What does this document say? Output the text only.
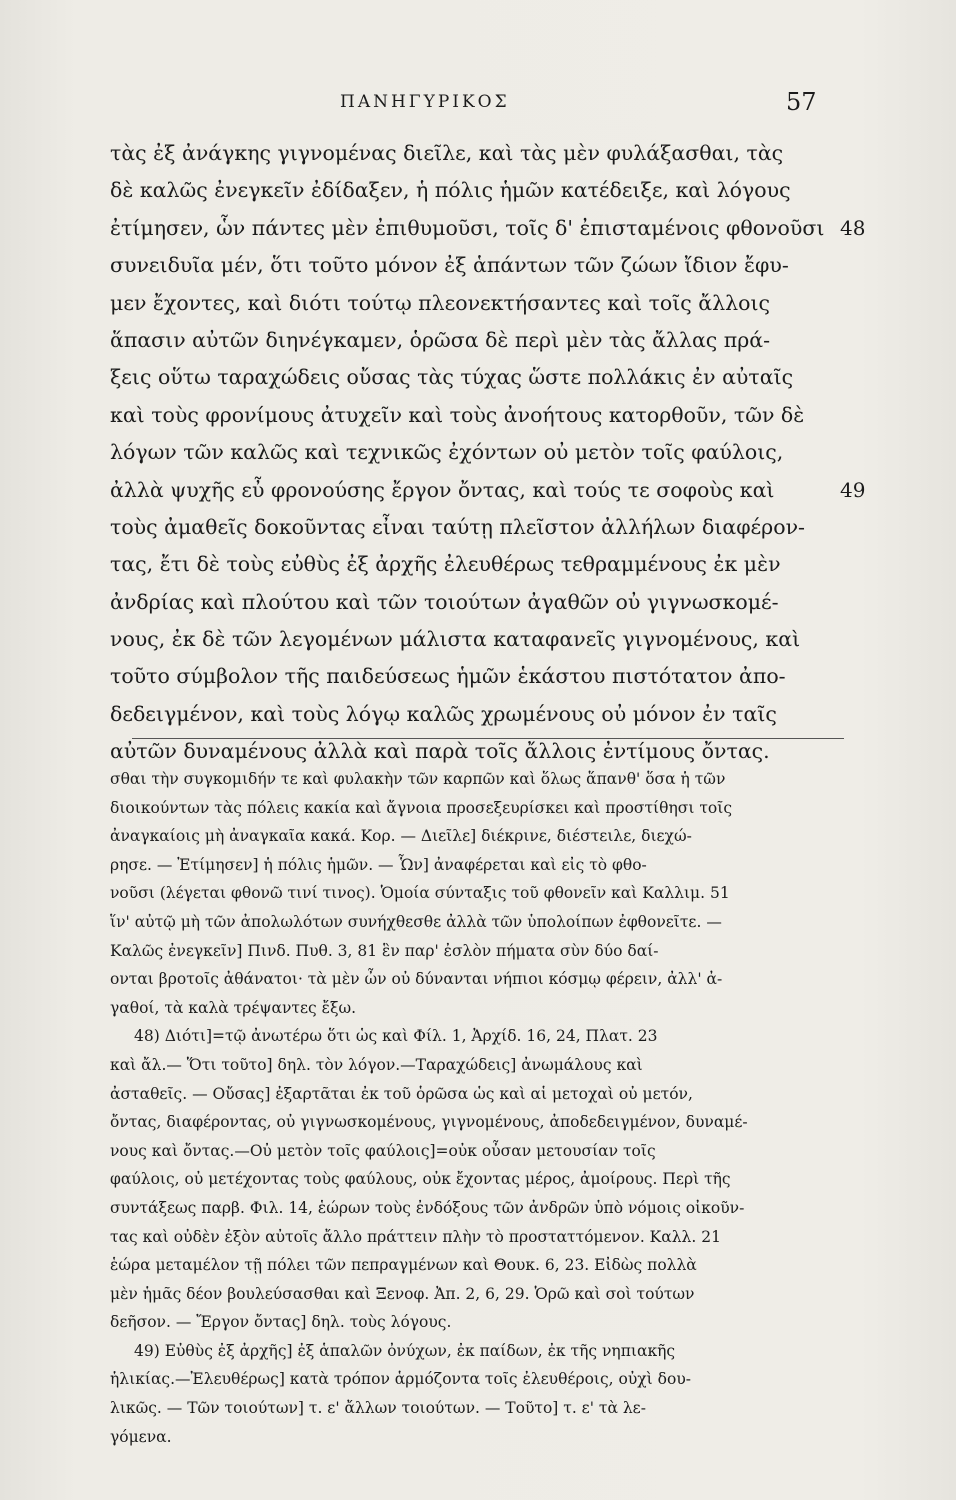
ΠΑΝΗΓΥΡΙΚΟΣ	57
τὰς ἐξ ἀνάγκης γιγνομένας διεῖλε, καὶ τὰς μὲν φυλάξασθαι, τὰς
δὲ καλῶς ἐνεγκεῖν ἐδίδαξεν, ἡ πόλις ἡμῶν κατέδειξε, καὶ λόγους
ἐτίμησεν, ὧν πάντες μὲν ἐπιθυμοῦσι, τοῖς δ' ἐπισταμένοις φθονοῦσι 48
συνειδυῖα μέν, ὅτι τοῦτο μόνον ἐξ ἁπάντων τῶν ζώων ἴδιον ἔφυ-
μεν ἔχοντες, καὶ διότι τούτῳ πλεονεκτήσαντες καὶ τοῖς ἄλλοις
ἅπασιν αὐτῶν διηνέγκαμεν, ὁρῶσα δὲ περὶ μὲν τὰς ἄλλας πρά-
ξεις οὕτω ταραχώδεις οὔσας τὰς τύχας ὥστε πολλάκις ἐν αὐταῖς
καὶ τοὺς φρονίμους ἀτυχεῖν καὶ τοὺς ἀνοήτους κατορθοῦν, τῶν δὲ
λόγων τῶν καλῶς καὶ τεχνικῶς ἐχόντων οὐ μετὸν τοῖς φαύλοις,
ἀλλὰ ψυχῆς εὖ φρονούσης ἔργον ὄντας, καὶ τούς τε σοφοὺς καὶ	49
τοὺς ἀμαθεῖς δοκοῦντας εἶναι ταύτῃ πλεῖστον ἀλλήλων διαφέρον-
τας, ἔτι δὲ τοὺς εὐθὺς ἐξ ἀρχῆς ἐλευθέρως τεθραμμένους ἐκ μὲν
ἀνδρίας καὶ πλούτου καὶ τῶν τοιούτων ἀγαθῶν οὐ γιγνωσκομέ-
νους, ἐκ δὲ τῶν λεγομένων μάλιστα καταφανεῖς γιγνομένους, καὶ
τοῦτο σύμβολον τῆς παιδεύσεως ἡμῶν ἑκάστου πιστότατον ἀπο-
δεδειγμένον, καὶ τοὺς λόγῳ καλῶς χρωμένους οὐ μόνον ἐν ταῖς
αὐτῶν δυναμένους ἀλλὰ καὶ παρὰ τοῖς ἄλλοις ἐντίμους ὄντας.
σθαι τὴν συγκομιδήν τε καὶ φυλακὴν τῶν καρπῶν καὶ ὅλως ἅπανθ' ὅσα ἡ τῶν
διοικούντων τὰς πόλεις κακία καὶ ἄγνοια προσεξευρίσκει καὶ προστίθησι τοῖς
ἀναγκαίοις μὴ ἀναγκαῖα κακά. Κορ. — Διεῖλε] διέκρινε, διέστειλε, διεχώ-
ρησε. — Ἐτίμησεν] ἡ πόλις ἡμῶν. — Ὧν] ἀναφέρεται καὶ εἰς τὸ φθο-
νοῦσι (λέγεται φθονῶ τινί τινος). Ὁμοία σύνταξις τοῦ φθονεῖν καὶ Καλλιμ. 51
ἵν' αὐτῷ μὴ τῶν ἀπολωλότων συνήχθεσθε ἀλλὰ τῶν ὑπολοίπων ἐφθονεῖτε. —
Καλῶς ἐνεγκεῖν] Πινδ. Πυθ. 3, 81 ἓν παρ' ἐσλὸν πήματα σὺν δύο δαί-
ονται βροτοῖς ἀθάνατοι· τὰ μὲν ὦν οὐ δύνανται νήπιοι κόσμῳ φέρειν, ἀλλ' ἀ-
γαθοί, τὰ καλὰ τρέψαντες ἔξω.
48) Διότι]=τῷ ἀνωτέρω ὅτι ὡς καὶ Φίλ. 1, Ἀρχίδ. 16, 24, Πλατ. 23
καὶ ἄλ.— Ὅτι τοῦτο] δηλ. τὸν λόγον.—Ταραχώδεις] ἀνωμάλους καὶ
ἀσταθεῖς. — Οὔσας] ἐξαρτᾶται ἐκ τοῦ ὁρῶσα ὡς καὶ αἱ μετοχαὶ οὐ μετόν,
ὄντας, διαφέροντας, οὐ γιγνωσκομένους, γιγνομένους, ἀποδεδειγμένον, δυναμέ-
νους καὶ ὄντας.—Οὐ μετὸν τοῖς φαύλοις]=οὐκ οὖσαν μετουσίαν τοῖς
φαύλοις, οὐ μετέχοντας τοὺς φαύλους, οὐκ ἔχοντας μέρος, ἀμοίρους. Περὶ τῆς
συντάξεως παρβ. Φιλ. 14, ἑώρων τοὺς ἐνδόξους τῶν ἀνδρῶν ὑπὸ νόμοις οἰκοῦν-
τας καὶ οὐδὲν ἐξὸν αὐτοῖς ἄλλο πράττειν πλὴν τὸ προσταττόμενον. Καλλ. 21
ἑώρα μεταμέλον τῇ πόλει τῶν πεπραγμένων καὶ Θουκ. 6, 23. Εἰδὼς πολλὰ
μὲν ἡμᾶς δέον βουλεύσασθαι καὶ Ξενοφ. Ἀπ. 2, 6, 29. Ὁρῶ καὶ σοὶ τούτων
δεῆσον. — Ἔργον ὄντας] δηλ. τοὺς λόγους.
49) Εὐθὺς ἐξ ἀρχῆς] ἐξ ἁπαλῶν ὀνύχων, ἐκ παίδων, ἐκ τῆς νηπιακῆς
ἡλικίας.—Ἐλευθέρως] κατὰ τρόπον ἁρμόζοντα τοῖς ἐλευθέροις, οὐχὶ δου-
λικῶς. — Τῶν τοιούτων] τ. ε' ἄλλων τοιούτων. — Τοῦτο] τ. ε' τὰ λε-
γόμενα.
